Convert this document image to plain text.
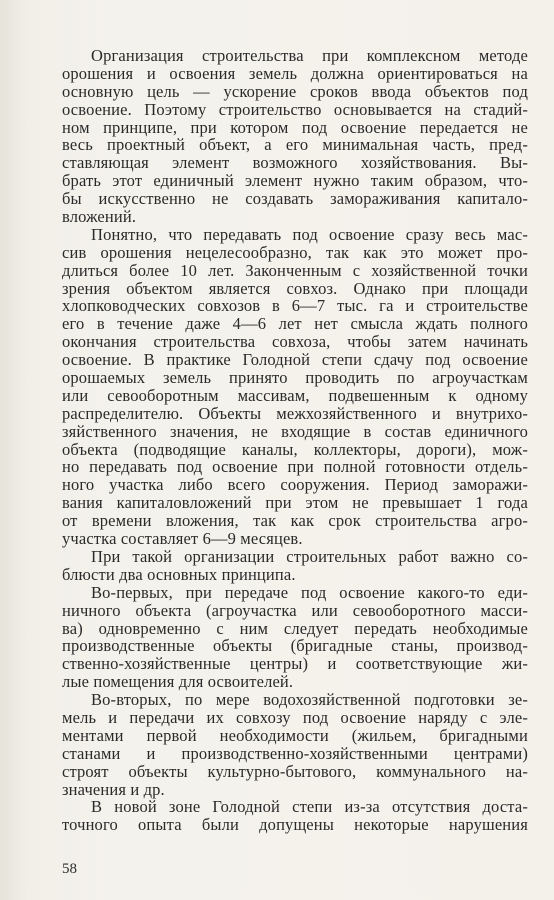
Организация строительства при комплексном методе
орошения и освоения земель должна ориентироваться на
основную цель — ускорение сроков ввода объектов под
освоение. Поэтому строительство основывается на стадий-
ном принципе, при котором под освоение передается не
весь проектный объект, а его минимальная часть, пред-
ставляющая элемент возможного хозяйствования. Вы-
брать этот единичный элемент нужно таким образом, что-
бы искусственно не создавать замораживания капитало-
вложений.
Понятно, что передавать под освоение сразу весь мас-
сив орошения нецелесообразно, так как это может про-
длиться более 10 лет. Законченным с хозяйственной точки
зрения объектом является совхоз. Однако при площади
хлопководческих совхозов в 6—7 тыс. га и строительстве
его в течение даже 4—6 лет нет смысла ждать полного
окончания строительства совхоза, чтобы затем начинать
освоение. В практике Голодной степи сдачу под освоение
орошаемых земель принято проводить по агроучасткам
или севооборотным массивам, подвешенным к одному
распределителю. Объекты межхозяйственного и внутрихо-
зяйственного значения, не входящие в состав единичного
объекта (подводящие каналы, коллекторы, дороги), мож-
но передавать под освоение при полной готовности отдель-
ного участка либо всего сооружения. Период заморажи-
вания капиталовложений при этом не превышает 1 года
от времени вложения, так как срок строительства агро-
участка составляет 6—9 месяцев.
При такой организации строительных работ важно со-
блюсти два основных принципа.
Во-первых, при передаче под освоение какого-то еди-
ничного объекта (агроучастка или севооборотного масси-
ва) одновременно с ним следует передать необходимые
производственные объекты (бригадные станы, производ-
ственно-хозяйственные центры) и соответствующие жи-
лые помещения для освоителей.
Во-вторых, по мере водохозяйственной подготовки зе-
мель и передачи их совхозу под освоение наряду с эле-
ментами первой необходимости (жильем, бригадными
станами и производственно-хозяйственными центрами)
строят объекты культурно-бытового, коммунального на-
значения и др.
В новой зоне Голодной степи из-за отсутствия доста-
точного опыта были допущены некоторые нарушения
58
